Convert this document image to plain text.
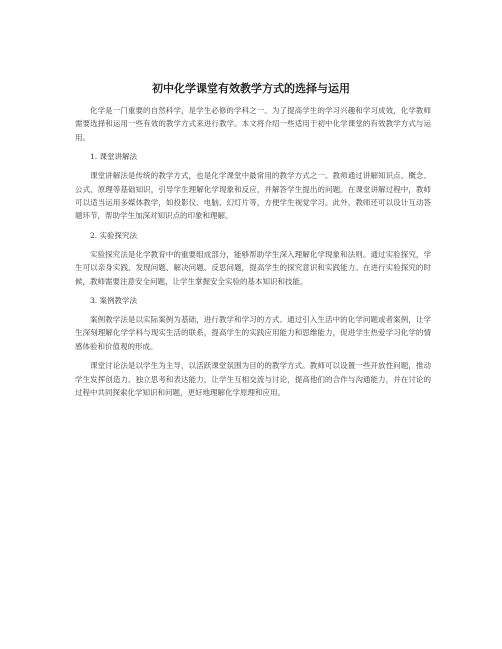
初中化学课堂有效教学方式的选择与运用

化学是一门重要的自然科学，是学生必修的学科之一。为了提高学生的学习兴趣和学习成效，化学教师需要选择和运用一些有效的教学方式来进行教学。本文将介绍一些适用于初中化学课堂的有效教学方式与运用。

1. 课堂讲解法

课堂讲解法是传统的教学方式，也是化学课堂中最常用的教学方式之一。教师通过讲解知识点、概念、公式、原理等基础知识，引导学生理解化学现象和反应，并解答学生提出的问题。在课堂讲解过程中，教师可以适当运用多媒体教学，如投影仪、电脑、幻灯片等，方便学生视觉学习。此外，教师还可以设计互动答题环节，帮助学生加深对知识点的印象和理解。

2. 实验探究法

实验探究法是化学教育中的重要组成部分，能够帮助学生深入理解化学现象和法则。通过实验探究，学生可以亲身实践、发现问题、解决问题、反思问题，提高学生的探究意识和实践能力。在进行实验探究的时候，教师需要注意安全问题，让学生掌握安全实验的基本知识和技能。

3. 案例教学法

案例教学法是以实际案例为基础，进行教学和学习的方式。通过引入生活中的化学问题或者案例，让学生深刻理解化学学科与现实生活的联系，提高学生的实践应用能力和思维能力，促进学生热爱学习化学的情感体验和价值观的形成。

课堂讨论法是以学生为主导，以活跃课堂氛围为目的的教学方式。教师可以设置一些开放性问题，推动学生发挥创造力、独立思考和表达能力，让学生互相交流与讨论，提高他们的合作与沟通能力，并在讨论的过程中共同探索化学知识和问题，更好地理解化学原理和应用。
